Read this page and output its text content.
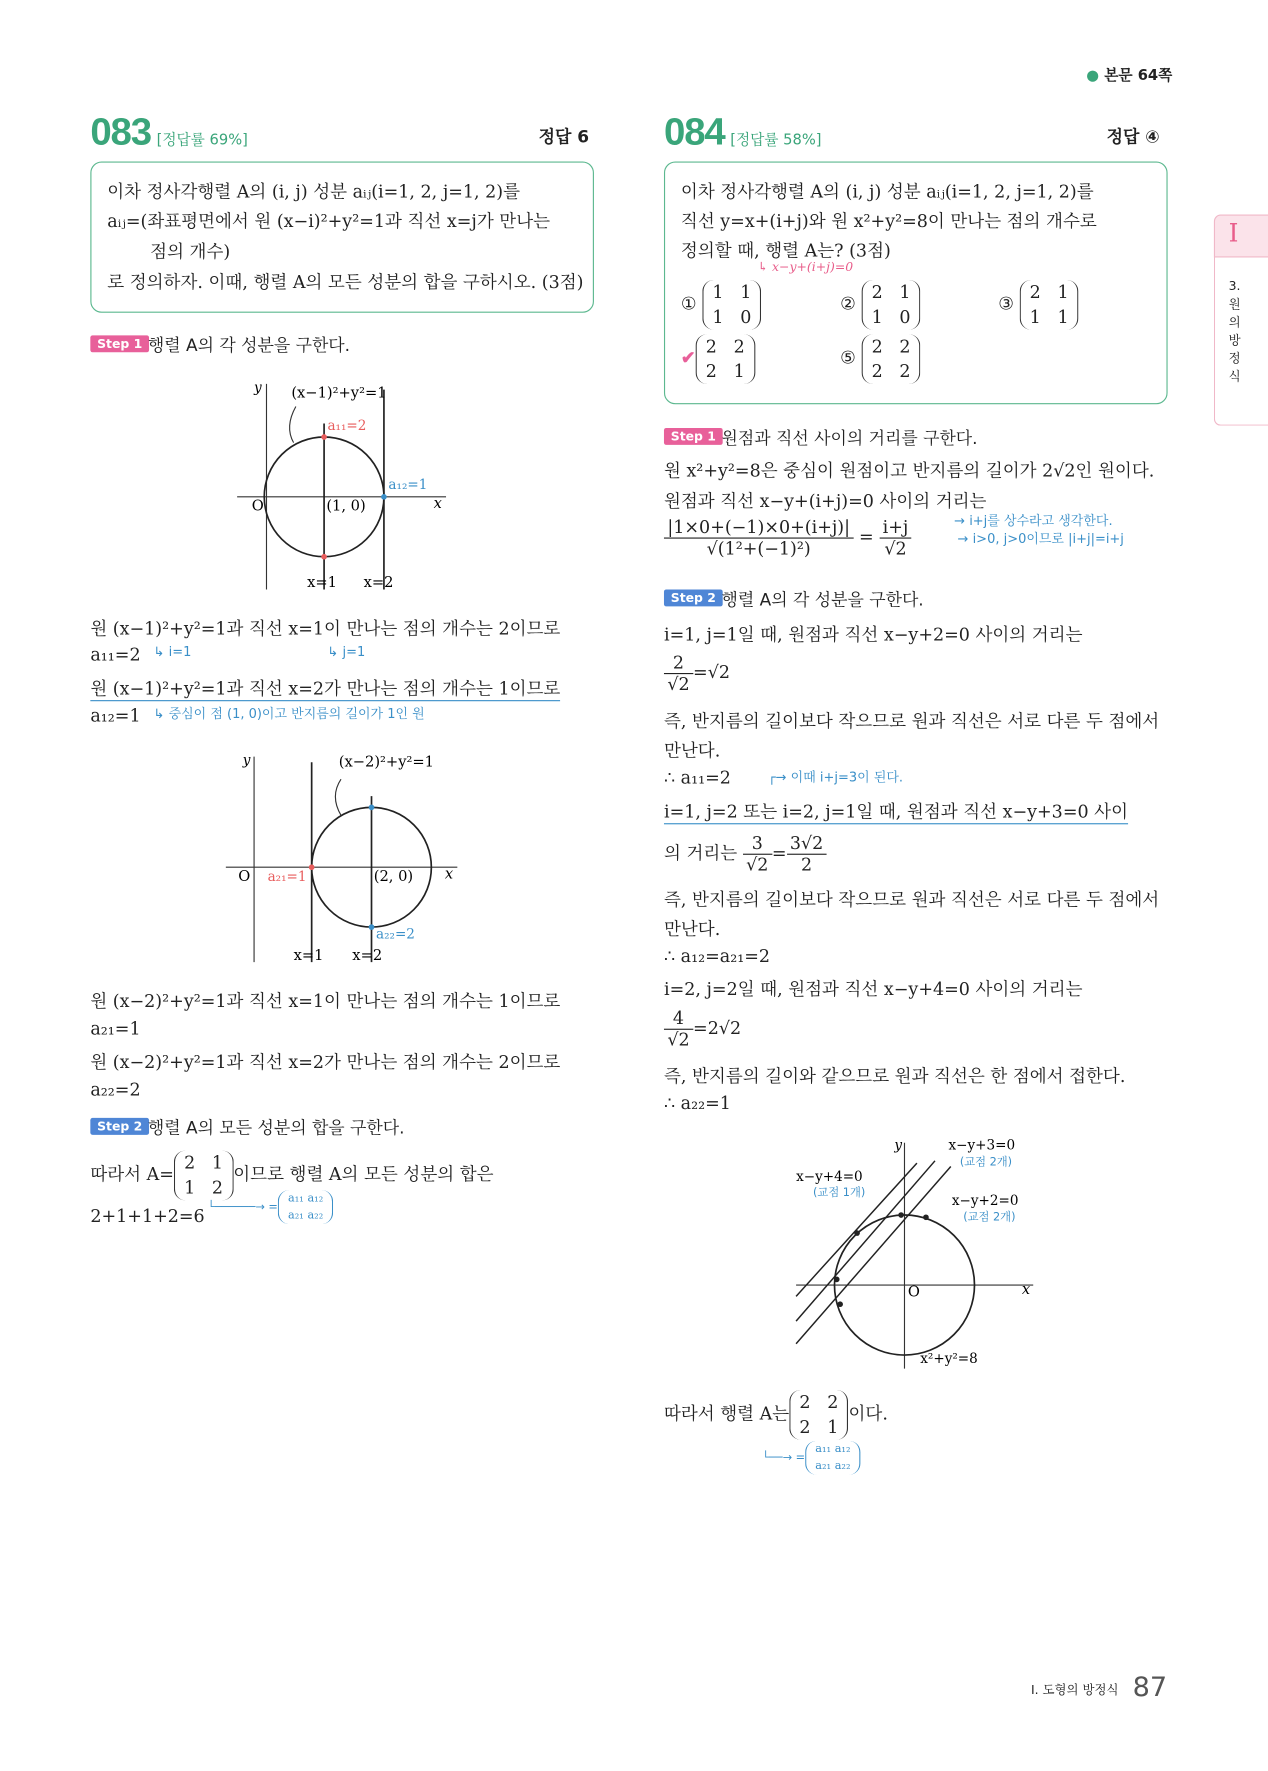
● 본문 64쪽
I
3. 원의 방정식
083 [정답률 69%]	정답 6
이차 정사각행렬 A의 (i, j) 성분 aᵢⱼ(i=1, 2, j=1, 2)를
aᵢⱼ=(좌표평면에서 원 (x−i)²+y²=1과 직선 x=j가 만나는
점의 개수)
로 정의하자. 이때, 행렬 A의 모든 성분의 합을 구하시오. (3점)
Step 1 행렬 A의 각 성분을 구한다.
(x−1)²+y²=1
a₁₁=2
a₁₂=1
(1, 0)
O	x
y
x=1 x=2
원 (x−1)²+y²=1과 직선 x=1이 만나는 점의 개수는 2이므로
a₁₁=2 ↳ i=1	↳ j=1
원 (x−1)²+y²=1과 직선 x=2가 만나는 점의 개수는 1이므로
a₁₂=1 ↳ 중심이 점 (1, 0)이고 반지름의 길이가 1인 원
(x−2)²+y²=1
a₂₁=1
a₂₂=2
(2, 0)
O	x
y
x=1 x=2
원 (x−2)²+y²=1과 직선 x=1이 만나는 점의 개수는 1이므로
a₂₁=1
원 (x−2)²+y²=1과 직선 x=2가 만나는 점의 개수는 2이므로
a₂₂=2
Step 2 행렬 A의 모든 성분의 합을 구한다.
따라서 A=2 1
1 2이므로 행렬 A의 모든 성분의 합은
2+1+1+2=6 └──────→ =a₁₁ a₁₂
a₂₁ a₂₂
084 [정답률 58%]	정답 ④
이차 정사각행렬 A의 (i, j) 성분 aᵢⱼ(i=1, 2, j=1, 2)를
직선 y=x+(i+j)와 원 x²+y²=8이 만나는 점의 개수로
정의할 때, 행렬 A는? (3점)
↳ x−y+(i+j)=0
① 1 1
1 0
② 2 1
1 0
③ 2 1
1 1
✔ 2 2
2 1
⑤ 2 2
2 2
Step 1 원점과 직선 사이의 거리를 구한다.
원 x²+y²=8은 중심이 원점이고 반지름의 길이가 2√2인 원이다.
원점과 직선 x−y+(i+j)=0 사이의 거리는
$\frac{|1\times 0+(-1)\times 0+(i+j)|}{\text{√(1²+(−1)²)}} = \frac{i+j}{√2}$	→ i+j를 상수라고 생각한다.
→ i>0, j>0이므로 |i+j|=i+j
Step 2 행렬 A의 각 성분을 구한다.
i=1, j=1일 때, 원점과 직선 x−y+2=0 사이의 거리는
$\frac{2}{√2} =√2$
즉, 반지름의 길이보다 작으므로 원과 직선은 서로 다른 두 점에서
만난다.
∴ a₁₁=2	┌→ 이때 i+j=3이 된다.
i=1, j=2 또는 i=2, j=1일 때, 원점과 직선 x−y+3=0 사이
의 거리는 $\frac{3}{√2} = \frac{3√2}{2}$
즉, 반지름의 길이보다 작으므로 원과 직선은 서로 다른 두 점에서
만난다.
∴ a₁₂=a₂₁=2
i=2, j=2일 때, 원점과 직선 x−y+4=0 사이의 거리는
$\frac{4}{√2} =2√2$
즉, 반지름의 길이와 같으므로 원과 직선은 한 점에서 접한다.
∴ a₂₂=1
x−y+3=0
(교점 2개)
x−y+4=0
(교점 1개)
x−y+2=0
(교점 2개)
x²+y²=8
O	x
y
따라서 행렬 A는2 2
2 1이다.
└──→ =a₁₁ a₁₂
a₂₁ a₂₂
Ⅰ. 도형의 방정식 87
